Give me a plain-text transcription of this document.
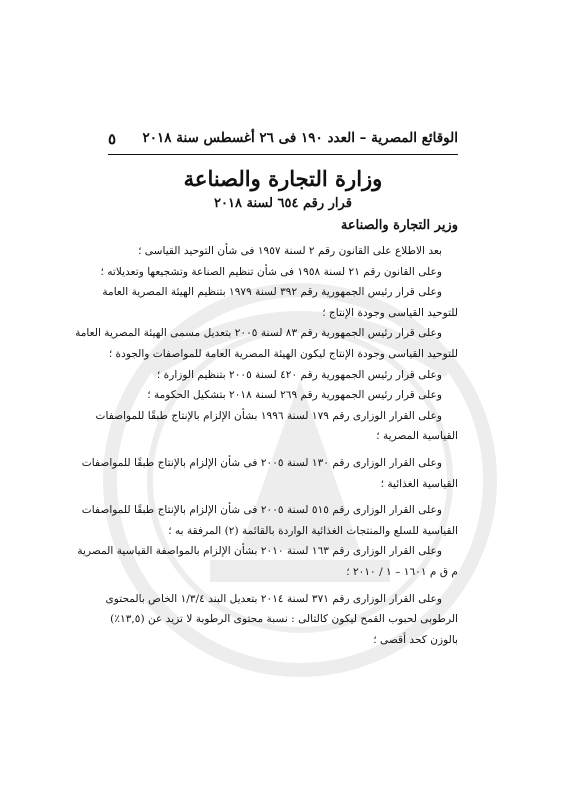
٥ الوقائع المصرية – العدد ١٩٠ فى ٢٦ أغسطس سنة ٢٠١٨
وزارة التجارة والصناعة
قرار رقم ٦٥٤ لسنة ٢٠١٨
وزير التجارة والصناعة

بعد الاطلاع على القانون رقم ٢ لسنة ١٩٥٧ فى شأن التوحيد القياسى ؛

وعلى القانون رقم ٢١ لسنة ١٩٥٨ فى شأن تنظيم الصناعة وتشجيعها وتعديلاته ؛

وعلى قرار رئيس الجمهورية رقم ٣٩٢ لسنة ١٩٧٩ بتنظيم الهيئة المصرية العامة

للتوحيد القياسى وجودة الإنتاج ؛

وعلى قرار رئيس الجمهورية رقم ٨٣ لسنة ٢٠٠٥ بتعديل مسمى الهيئة المصرية العامة

للتوحيد القياسى وجودة الإنتاج ليكون الهيئة المصرية العامة للمواصفات والجودة ؛

وعلى قرار رئيس الجمهورية رقم ٤٢٠ لسنة ٢٠٠٥ بتنظيم الوزارة ؛

وعلى قرار رئيس الجمهورية رقم ٢٦٩ لسنة ٢٠١٨ بتشكيل الحكومة ؛

وعلى القرار الوزارى رقم ١٧٩ لسنة ١٩٩٦ بشأن الإلزام بالإنتاج طبقًا للمواصفات

القياسية المصرية ؛

وعلى القرار الوزارى رقم ١٣٠ لسنة ٢٠٠٥ فى شأن الإلزام بالإنتاج طبقًا للمواصفات

القياسية الغذائية ؛

وعلى القرار الوزارى رقم ٥١٥ لسنة ٢٠٠٥ فى شأن الإلزام بالإنتاج طبقًا للمواصفات

القياسية للسلع والمنتجات الغذائية الواردة بالقائمة (٢) المرفقة به ؛

وعلى القرار الوزارى رقم ١٦٣ لسنة ٢٠١٠ بشأن الإلزام بالمواصفة القياسية المصرية

م ق م ١٦٠١ – ١ / ٢٠١٠ ؛

وعلى القرار الوزارى رقم ٣٧١ لسنة ٢٠١٤ بتعديل البند ١/٣/٤ الخاص بالمحتوى

الرطوبى لحبوب القمح ليكون كالتالى : نسبة محتوى الرطوبة لا تزيد عن (١٣,٥٪)

بالوزن كحد أقصى ؛
